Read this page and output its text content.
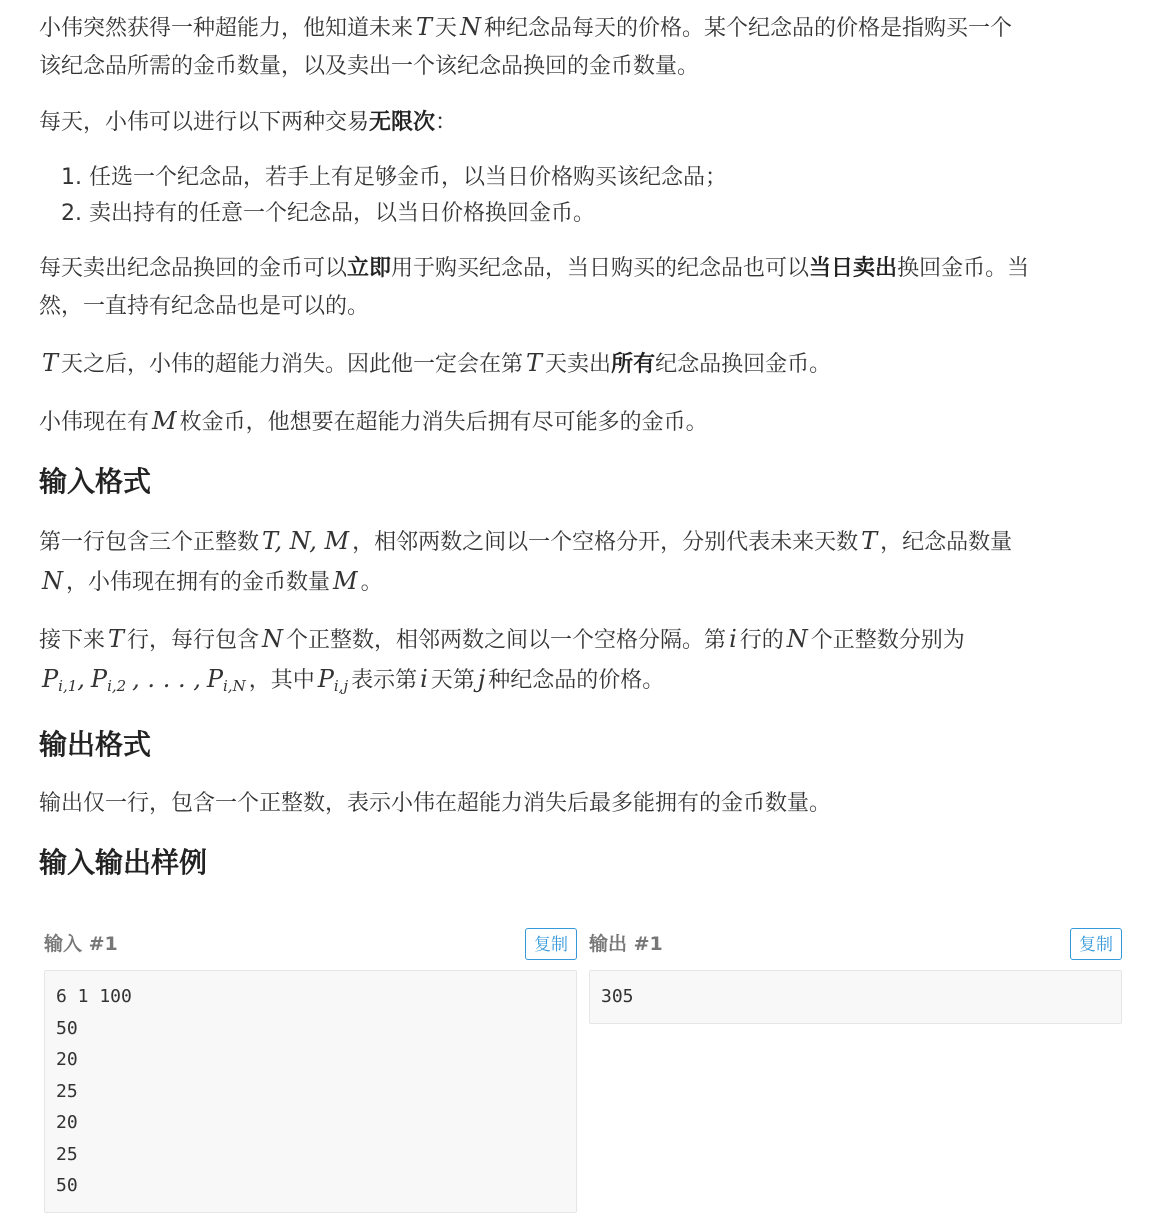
小伟突然获得一种超能力，他知道未来 T 天 N 种纪念品每天的价格。某个纪念品的价格是指购买一个
该纪念品所需的金币数量，以及卖出一个该纪念品换回的金币数量。

每天，小伟可以进行以下两种交易无限次：

1. 任选一个纪念品，若手上有足够金币，以当日价格购买该纪念品；
2. 卖出持有的任意一个纪念品，以当日价格换回金币。

每天卖出纪念品换回的金币可以立即用于购买纪念品，当日购买的纪念品也可以当日卖出换回金币。当
然，一直持有纪念品也是可以的。

T 天之后，小伟的超能力消失。因此他一定会在第 T 天卖出所有纪念品换回金币。

小伟现在有 M 枚金币，他想要在超能力消失后拥有尽可能多的金币。

输入格式

第一行包含三个正整数 T, N, M ，相邻两数之间以一个空格分开，分别代表未来天数 T ，纪念品数量
N ，小伟现在拥有的金币数量 M 。

接下来 T 行，每行包含 N 个正整数，相邻两数之间以一个空格分隔。第 i 行的 N 个正整数分别为
$P_{i,1}$, $P_{i,2}$ , . . . , $P_{i,N}$ ，其中 $P_{i,j}$ 表示第 i 天第 j 种纪念品的价格。

输出格式

输出仅一行，包含一个正整数，表示小伟在超能力消失后最多能拥有的金币数量。

输入输出样例
输入 #1	复制
6 1 100
50
20
25
20
25
50
输出 #1	复制
305
